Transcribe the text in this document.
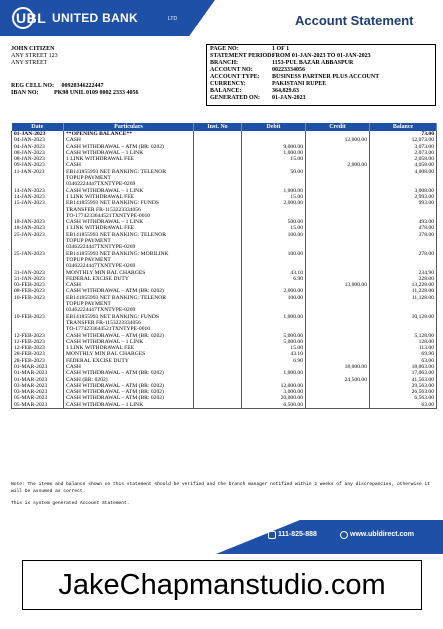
UBL UNITED BANK	LTD	Account Statement
JOHN CITIZEN
ANY STREET 123
ANY STREET
REG CELL NO: 00920346222447
IBAN NO:	PK98 UNIL 0109 0002 2333 4056
PAGE NO:	1 OF 1
STATEMENT PERIOD:
FROM 01-JAN-2023 TO 01-JAN-2023
BRANCH:	1153-PUL BAZAR ABBASPUR
ACCOUNT NO:	00223334056
ACCOUNT TYPE:	BUSINESS PARTNER PLUS ACCOUNT
CURRENCY:	PAKISTANI RUPEE
BALANCE:	364,829.63
GENERATED ON:	01-JAN-2023
Date	Particulars	Inst. No	Debit	Credit	Balance
01-JAN-2023	**OPENING BALANCE**				73.00
04-JAN-2023	CASH			12,000.00	12,073.00
04-JAN-2023	CASH WITHDRAWAL – ATM (BR: 0202)		9,000.00		3,073.00
08-JAN-2023	CASH WITHDRAWAL – 1 LINK		1,000.00		2,073.00
08-JAN-2023	1 LINK WITHDRAWAL FEE		15.00		2,058.00
09-JAN-2023	CASH			2,000.00	4,058.00
11-JAN-2023	EB141855993 NET BANKING: TELENOR		50.00		4,008.00
	TOPUP PAYMENT				
	03462224447TXNTYPE-0269				
14-JAN-2023	CASH WITHDRAWAL – 1 LINK		1,000.00		3,008.00
14-JAN-2023	1 LINK WITHDRAWAL FEE		15.00		2,993.00
15-JAN-2023	EB141855993 NET BANKING: FUNDS		2,000.00		993.00
	TRANSFER FR-1153223334056				
	TO-1774233644521TXNTYPE-0010				
18-JAN-2023	CASH WITHDRAWAL – 1 LINK		500.00		493.00
18-JAN-2023	1 LINK WITHDRAWAL FEE		15.00		478.00
25-JAN-2023	EB141855993 NET BANKING: TELENOR		100.00		378.00
	TOPUP PAYMENT				
	03462224447TXNTYPE-0269				
25-JAN-2023	EB141855993 NET BANKING: MOBILINK		100.00		278.00
	TOPUP PAYMENT				
	03462224447TXNTYPE-0269				
31-JAN-2023	MONTHLY MIN BAL CHARGES		43.10		234.90
31-JAN-2023	FEDERAL EXCISE DUTY		6.90		228.00
03-FEB-2023	CASH			13,000.00	13,228.00
08-FEB-2023	CASH WITHDRAWAL – ATM (BR: 0202)		2,000.00		11,228.00
10-FEB-2023	EB141855993 NET BANKING: TELENOR		100.00		11,128.00
	TOPUP PAYMENT				
	03462224447TXNTYPE-0269				
10-FEB-2023	EB141855993 NET BANKING: FUNDS		1,000.00		10,128.00
	TRANSFER FR-1153223334056				
	TO-1774233644521TXNTYPE-0010				
12-FEB-2023	CASH WITHDRAWAL – ATM (BR: 0202)		5,000.00		5,128.00
12-FEB-2023	CASH WITHDRAWAL – 1 LINK		5,000.00		128.00
12-FEB-2023	1 LINK WITHDRAWAL FEE		15.00		113.00
28-FEB-2023	MONTHLY MIN BAL CHARGES		43.10		69.90
28-FEB-2023	FEDERAL EXCISE DUTY		6.90		63.00
01-MAR-2023	CASH			18,000.00	18,063.00
01-MAR-2023	CASH WITHDRAWAL – ATM (BR: 0202)		1,000.00		17,063.00
01-MAR-2023	CASH (BR: 0202)			24,500.00	41,563.00
03-MAR-2023	CASH WITHDRAWAL – ATM (BR: 0202)		12,000.00		29,563.00
03-MAR-2023	CASH WITHDRAWAL – ATM (BR: 0202)		3,000.00		26,563.00
05-MAR-2023	CASH WITHDRAWAL – ATM (BR: 0202)		20,000.00		6,563.00
05-MAR-2023	CASH WITHDRAWAL – 1 LINK		6,500.00		63.00
Note: The items and balance shown on this statement should be verified and the branch manager notified within 2 weeks of any discrepancies, otherwise it will be assumed as correct.
This is system generated Account Statement.
111-825-888	www.ubldirect.com
JakeChapmanstudio.com
